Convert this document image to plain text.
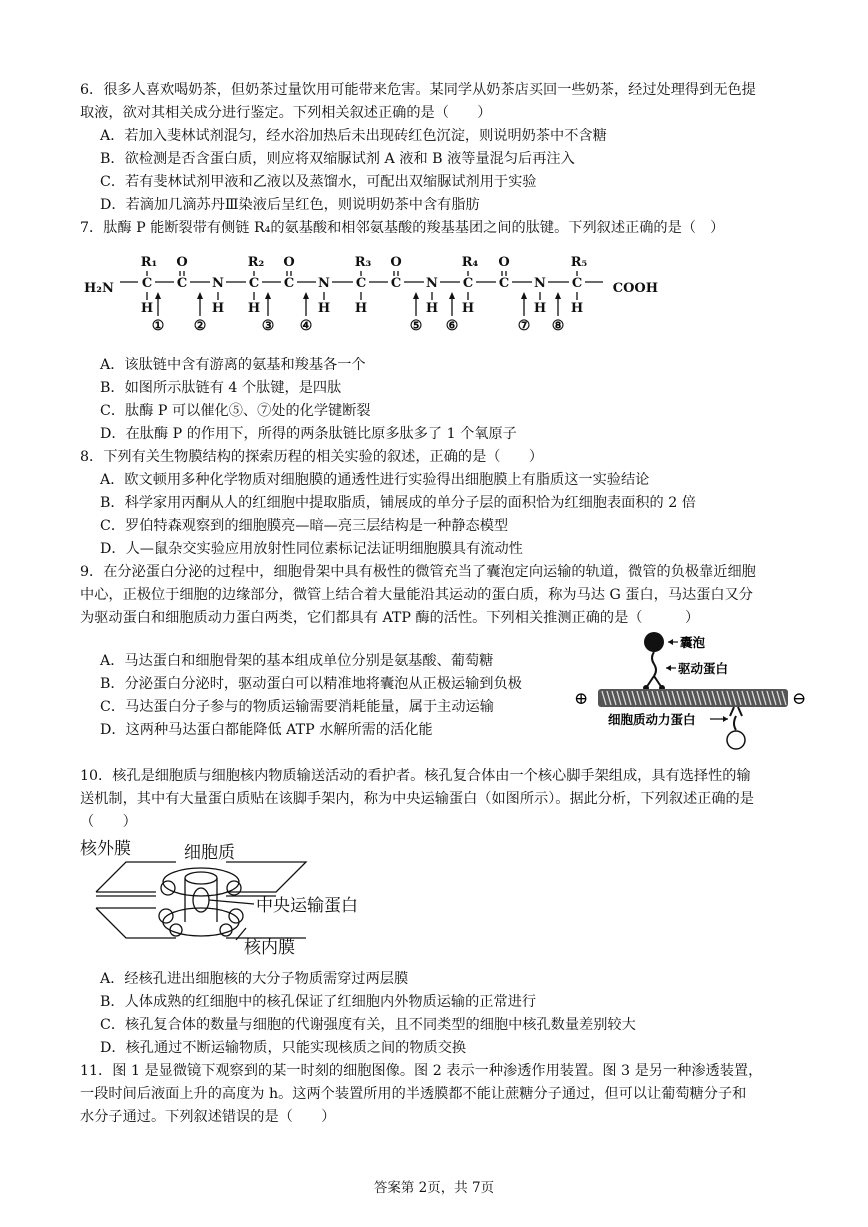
6．很多人喜欢喝奶茶，但奶茶过量饮用可能带来危害。某同学从奶茶店买回一些奶茶，经过处理得到无色提
取液，欲对其相关成分进行鉴定。下列相关叙述正确的是（　　）
A．若加入斐林试剂混匀，经水浴加热后未出现砖红色沉淀，则说明奶茶中不含糖
B．欲检测是否含蛋白质，则应将双缩脲试剂 A 液和 B 液等量混匀后再注入
C．若有斐林试剂甲液和乙液以及蒸馏水，可配出双缩脲试剂用于实验
D．若滴加几滴苏丹Ⅲ染液后呈红色，则说明奶茶中含有脂肪
7．肽酶 P 能断裂带有侧链 R₄的氨基酸和相邻氨基酸的羧基基团之间的肽键。下列叙述正确的是（　）
H₂N	COOH
C
R₁
H
C
R₂
H
C
R₃
H
C
R₄
H
C
R₅
H
C
O
C
O
C
O
C
O
N
H
N
H
N
H
N
H
① ②	③ ④	⑤ ⑥	⑦ ⑧
A．该肽链中含有游离的氨基和羧基各一个
B．如图所示肽链有 4 个肽键，是四肽
C．肽酶 P 可以催化⑤、⑦处的化学键断裂
D．在肽酶 P 的作用下，所得的两条肽链比原多肽多了 1 个氧原子
8．下列有关生物膜结构的探索历程的相关实验的叙述，正确的是（　　）
A．欧文顿用多种化学物质对细胞膜的通透性进行实验得出细胞膜上有脂质这一实验结论
B．科学家用丙酮从人的红细胞中提取脂质，铺展成的单分子层的面积恰为红细胞表面积的 2 倍
C．罗伯特森观察到的细胞膜亮—暗—亮三层结构是一种静态模型
D．人—鼠杂交实验应用放射性同位素标记法证明细胞膜具有流动性
9．在分泌蛋白分泌的过程中，细胞骨架中具有极性的微管充当了囊泡定向运输的轨道，微管的负极靠近细胞
中心，正极位于细胞的边缘部分，微管上结合着大量能沿其运动的蛋白质，称为马达 G 蛋白，马达蛋白又分
为驱动蛋白和细胞质动力蛋白两类，它们都具有 ATP 酶的活性。下列相关推测正确的是（　　　）
A．马达蛋白和细胞骨架的基本组成单位分别是氨基酸、葡萄糖
B．分泌蛋白分泌时，驱动蛋白可以精准地将囊泡从正极运输到负极
C．马达蛋白分子参与的物质运输需要消耗能量，属于主动运输
D．这两种马达蛋白都能降低 ATP 水解所需的活化能
囊泡
驱动蛋白
⊕	⊖
细胞质动力蛋白
10．核孔是细胞质与细胞核内物质输送活动的看护者。核孔复合体由一个核心脚手架组成，具有选择性的输
送机制，其中有大量蛋白质贴在该脚手架内，称为中央运输蛋白（如图所示）。据此分析，下列叙述正确的是
（　　）
核外膜	细胞质
中央运输蛋白
核内膜
A．经核孔进出细胞核的大分子物质需穿过两层膜
B．人体成熟的红细胞中的核孔保证了红细胞内外物质运输的正常进行
C．核孔复合体的数量与细胞的代谢强度有关，且不同类型的细胞中核孔数量差别较大
D．核孔通过不断运输物质，只能实现核质之间的物质交换
11．图 1 是显微镜下观察到的某一时刻的细胞图像。图 2 表示一种渗透作用装置。图 3 是另一种渗透装置，
一段时间后液面上升的高度为 h。这两个装置所用的半透膜都不能让蔗糖分子通过，但可以让葡萄糖分子和
水分子通过。下列叙述错误的是（　　）
答案第 2页，共 7页
